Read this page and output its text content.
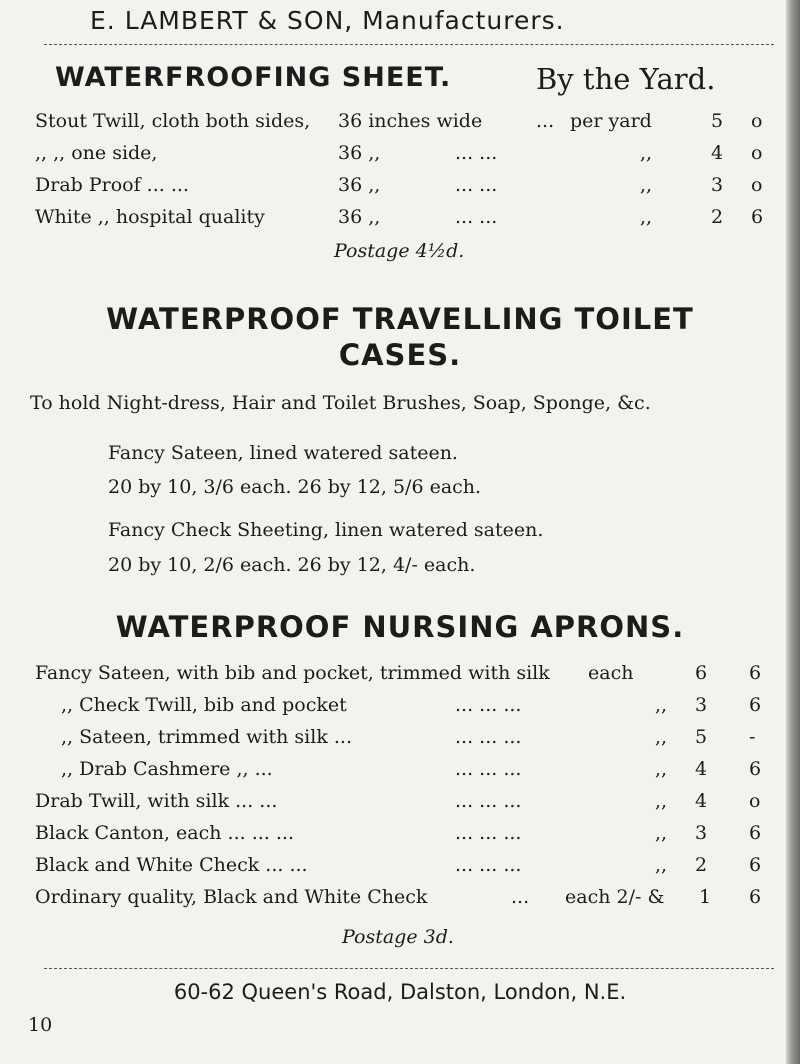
E. LAMBERT & SON, Manufacturers.
WATERFROOFING SHEET.	By the Yard.
Stout Twill, cloth both sides, 36 inches wide	... per yard	5 o
,, ,, one side,	36 ,,	... ...	,,	4 o
Drab Proof ... ...	36 ,,	... ...	,,	3 o
White ,, hospital quality	36 ,,	... ...	,,	2 6
Postage 4½d.
WATERPROOF TRAVELLING TOILET
CASES.
To hold Night-dress, Hair and Toilet Brushes, Soap, Sponge, &c.
Fancy Sateen, lined watered sateen.
20 by 10, 3/6 each. 26 by 12, 5/6 each.
Fancy Check Sheeting, linen watered sateen.
20 by 10, 2/6 each. 26 by 12, 4/- each.
WATERPROOF NURSING APRONS.
Fancy Sateen, with bib and pocket, trimmed with silk each	6 6
,, Check Twill, bib and pocket	... ... ...	,, 3 6
,, Sateen, trimmed with silk ...	... ... ...	,, 5 -
,, Drab Cashmere ,, ...	... ... ...	,, 4 6
Drab Twill, with silk ... ...	... ... ...	,, 4 o
Black Canton, each ... ... ...	... ... ...	,, 3 6
Black and White Check ... ...	... ... ...	,, 2 6
Ordinary quality, Black and White Check	... each 2/- & 1 6
Postage 3d.
60-62 Queen's Road, Dalston, London, N.E.
10
